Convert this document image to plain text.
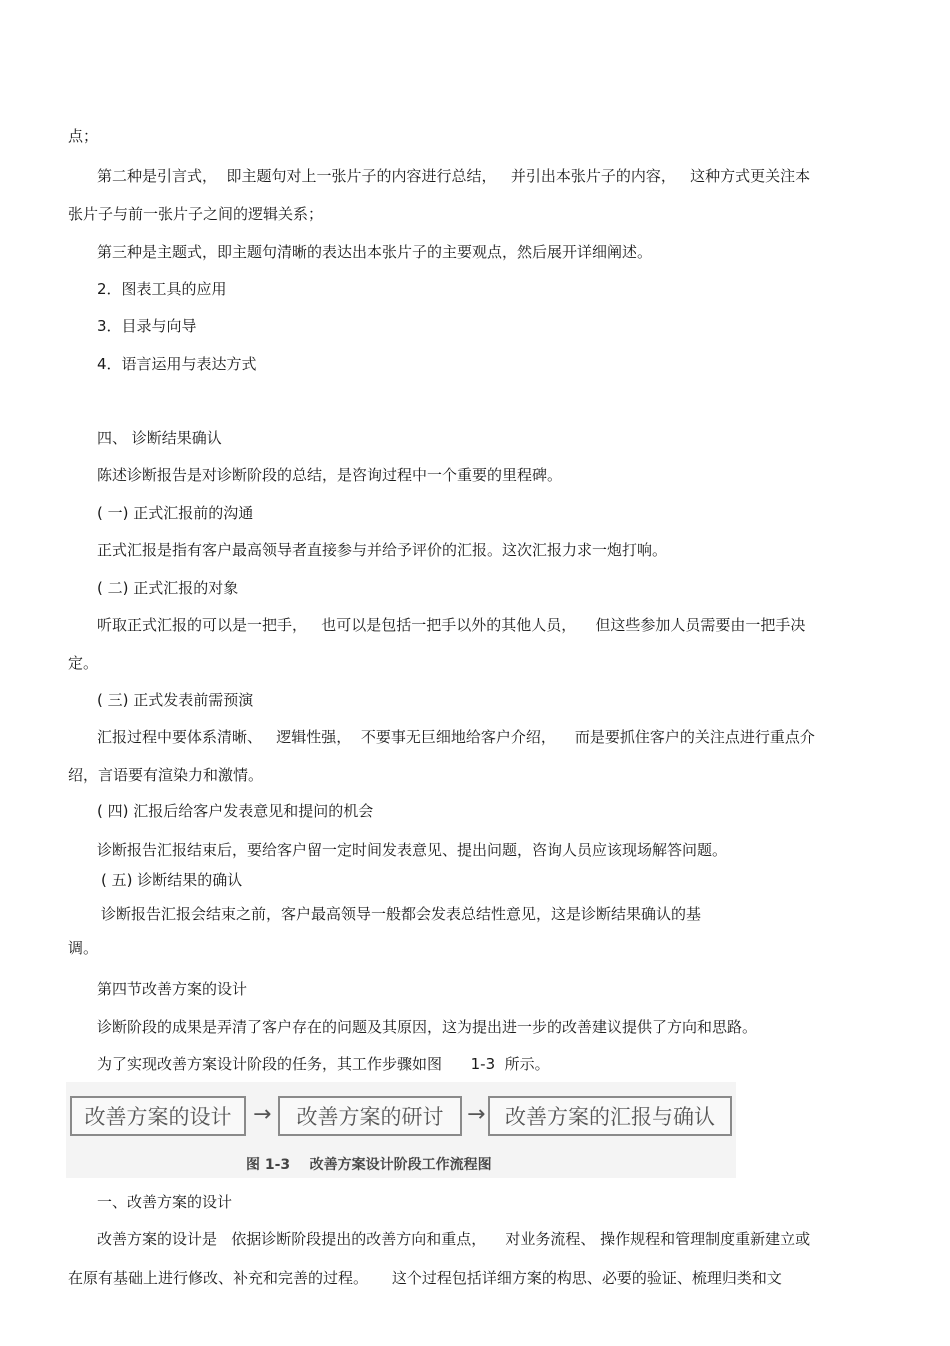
点；
第二种是引言式，  即主题句对上一张片子的内容进行总结，   并引出本张片子的内容，   这种方式更关注本
张片子与前一张片子之间的逻辑关系；
第三种是主题式，即主题句清晰的表达出本张片子的主要观点，然后展开详细阐述。
2．图表工具的应用
3．目录与向导
4．语言运用与表达方式
四、 诊断结果确认
陈述诊断报告是对诊断阶段的总结，是咨询过程中一个重要的里程碑。
( 一) 正式汇报前的沟通
正式汇报是指有客户最高领导者直接参与并给予评价的汇报。这次汇报力求一炮打响。
( 二) 正式汇报的对象
听取正式汇报的可以是一把手，   也可以是包括一把手以外的其他人员，    但这些参加人员需要由一把手决
定。
( 三) 正式发表前需预演
汇报过程中要体系清晰、   逻辑性强，  不要事无巨细地给客户介绍，    而是要抓住客户的关注点进行重点介
绍，言语要有渲染力和激情。
( 四) 汇报后给客户发表意见和提问的机会
诊断报告汇报结束后，要给客户留一定时间发表意见、提出问题，咨询人员应该现场解答问题。
( 五) 诊断结果的确认
诊断报告汇报会结束之前，客户最高领导一般都会发表总结性意见，这是诊断结果确认的基
调。
第四节改善方案的设计
诊断阶段的成果是弄清了客户存在的问题及其原因，这为提出进一步的改善建议提供了方向和思路。
为了实现改善方案设计阶段的任务，其工作步骤如图      1-3  所示。
改善方案的设计 →	改善方案的研讨	→ 改善方案的汇报与确认
图 1-3    改善方案设计阶段工作流程图
一、改善方案的设计
改善方案的设计是   依据诊断阶段提出的改善方向和重点，    对业务流程、 操作规程和管理制度重新建立或
在原有基础上进行修改、补充和完善的过程。     这个过程包括详细方案的构思、必要的验证、梳理归类和文
